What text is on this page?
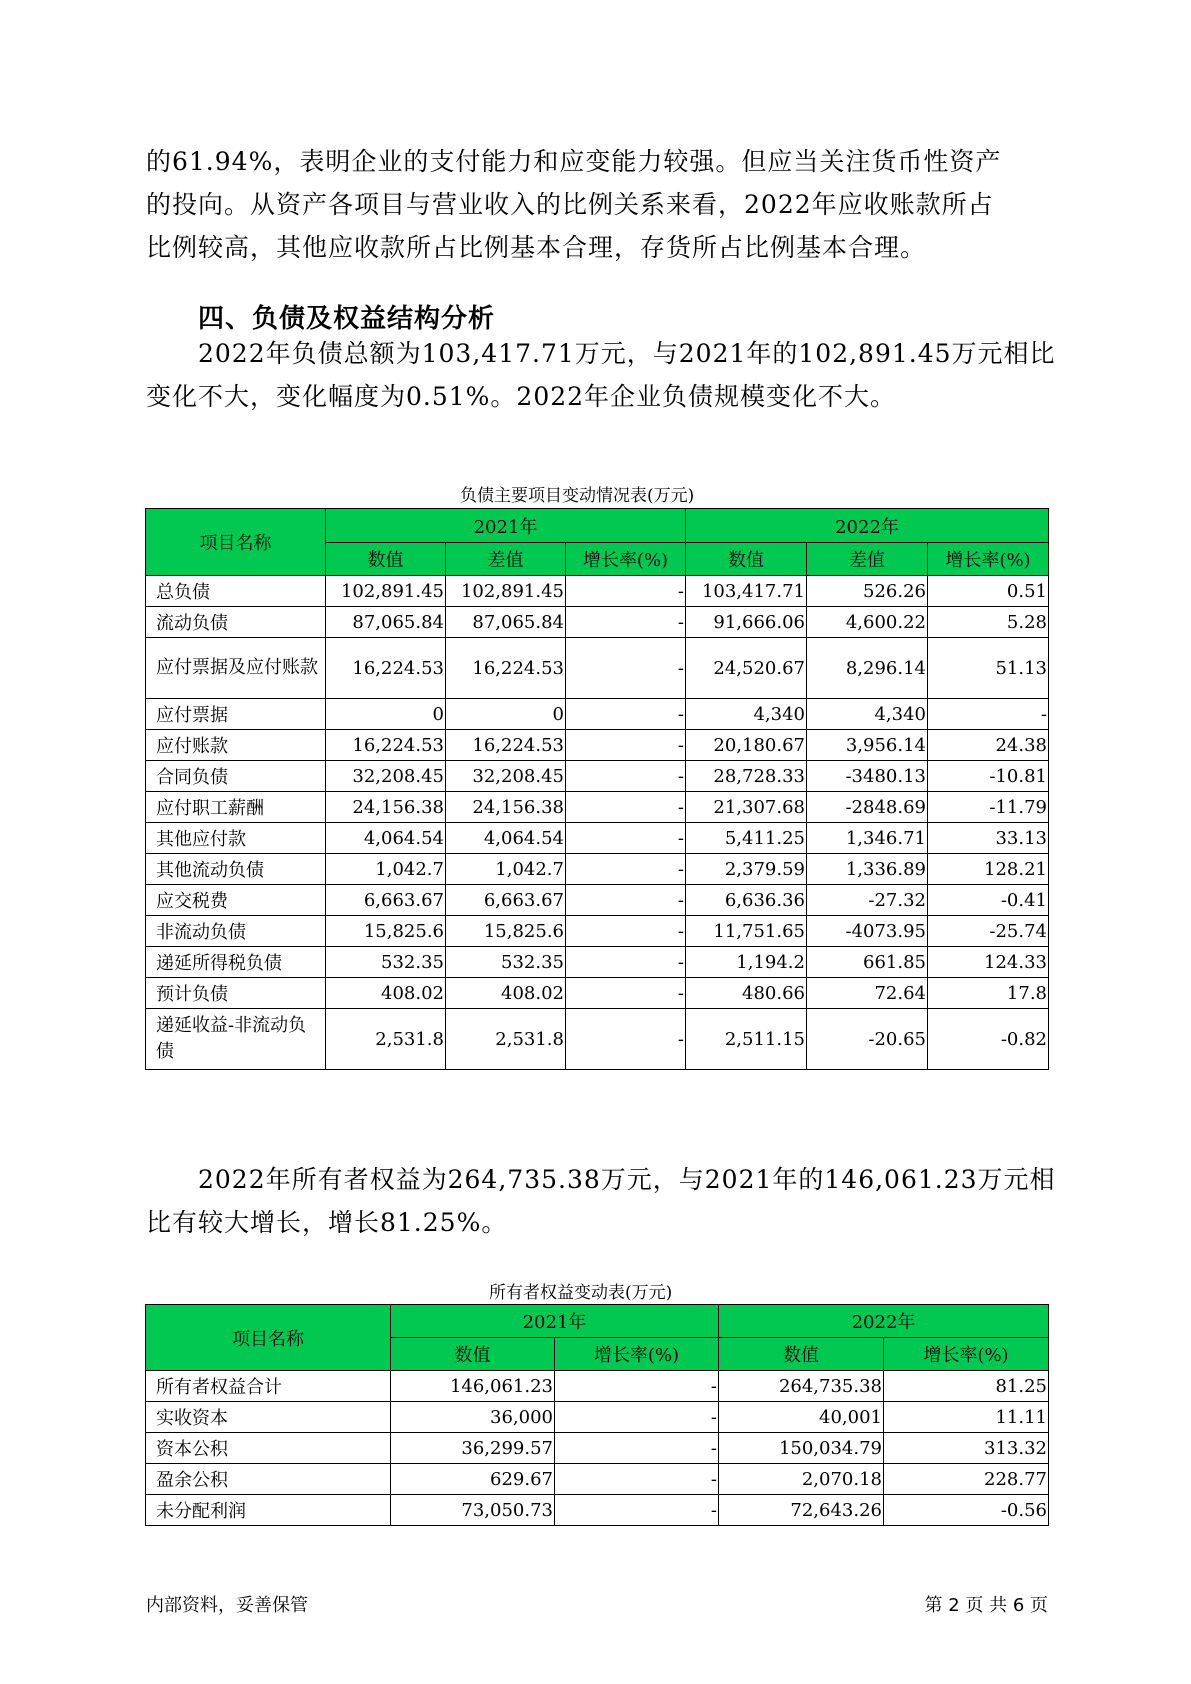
的61.94%，表明企业的支付能力和应变能力较强。但应当关注货币性资产
的投向。从资产各项目与营业收入的比例关系来看，2022年应收账款所占
比例较高，其他应收款所占比例基本合理，存货所占比例基本合理。
四、负债及权益结构分析
2022年负债总额为103,417.71万元，与2021年的102,891.45万元相比
变化不大，变化幅度为0.51%。2022年企业负债规模变化不大。

负债主要项目变动情况表(万元)

项目名称	2021年			2022年		
	数值	差值	增长率(%)	数值	差值	增长率(%)
总负债	102,891.45	102,891.45	-	103,417.71	526.26	0.51
流动负债	87,065.84	87,065.84	-	91,666.06	4,600.22	5.28
应付票据及应付账款	16,224.53	16,224.53	-	24,520.67	8,296.14	51.13
应付票据	0	0	-	4,340	4,340	-
应付账款	16,224.53	16,224.53	-	20,180.67	3,956.14	24.38
合同负债	32,208.45	32,208.45	-	28,728.33	-3480.13	-10.81
应付职工薪酬	24,156.38	24,156.38	-	21,307.68	-2848.69	-11.79
其他应付款	4,064.54	4,064.54	-	5,411.25	1,346.71	33.13
其他流动负债	1,042.7	1,042.7	-	2,379.59	1,336.89	128.21
应交税费	6,663.67	6,663.67	-	6,636.36	-27.32	-0.41
非流动负债	15,825.6	15,825.6	-	11,751.65	-4073.95	-25.74
递延所得税负债	532.35	532.35	-	1,194.2	661.85	124.33
预计负债	408.02	408.02	-	480.66	72.64	17.8
递延收益-非流动负债	2,531.8	2,531.8	-	2,511.15	-20.65	-0.82
2022年所有者权益为264,735.38万元，与2021年的146,061.23万元相
比有较大增长，增长81.25%。

所有者权益变动表(万元)

项目名称	2021年		2022年	
	数值	增长率(%)	数值	增长率(%)
所有者权益合计	146,061.23	-	264,735.38	81.25
实收资本	36,000	-	40,001	11.11
资本公积	36,299.57	-	150,034.79	313.32
盈余公积	629.67	-	2,070.18	228.77
未分配利润	73,050.73	-	72,643.26	-0.56
内部资料，妥善保管	第 2 页 共 6 页
